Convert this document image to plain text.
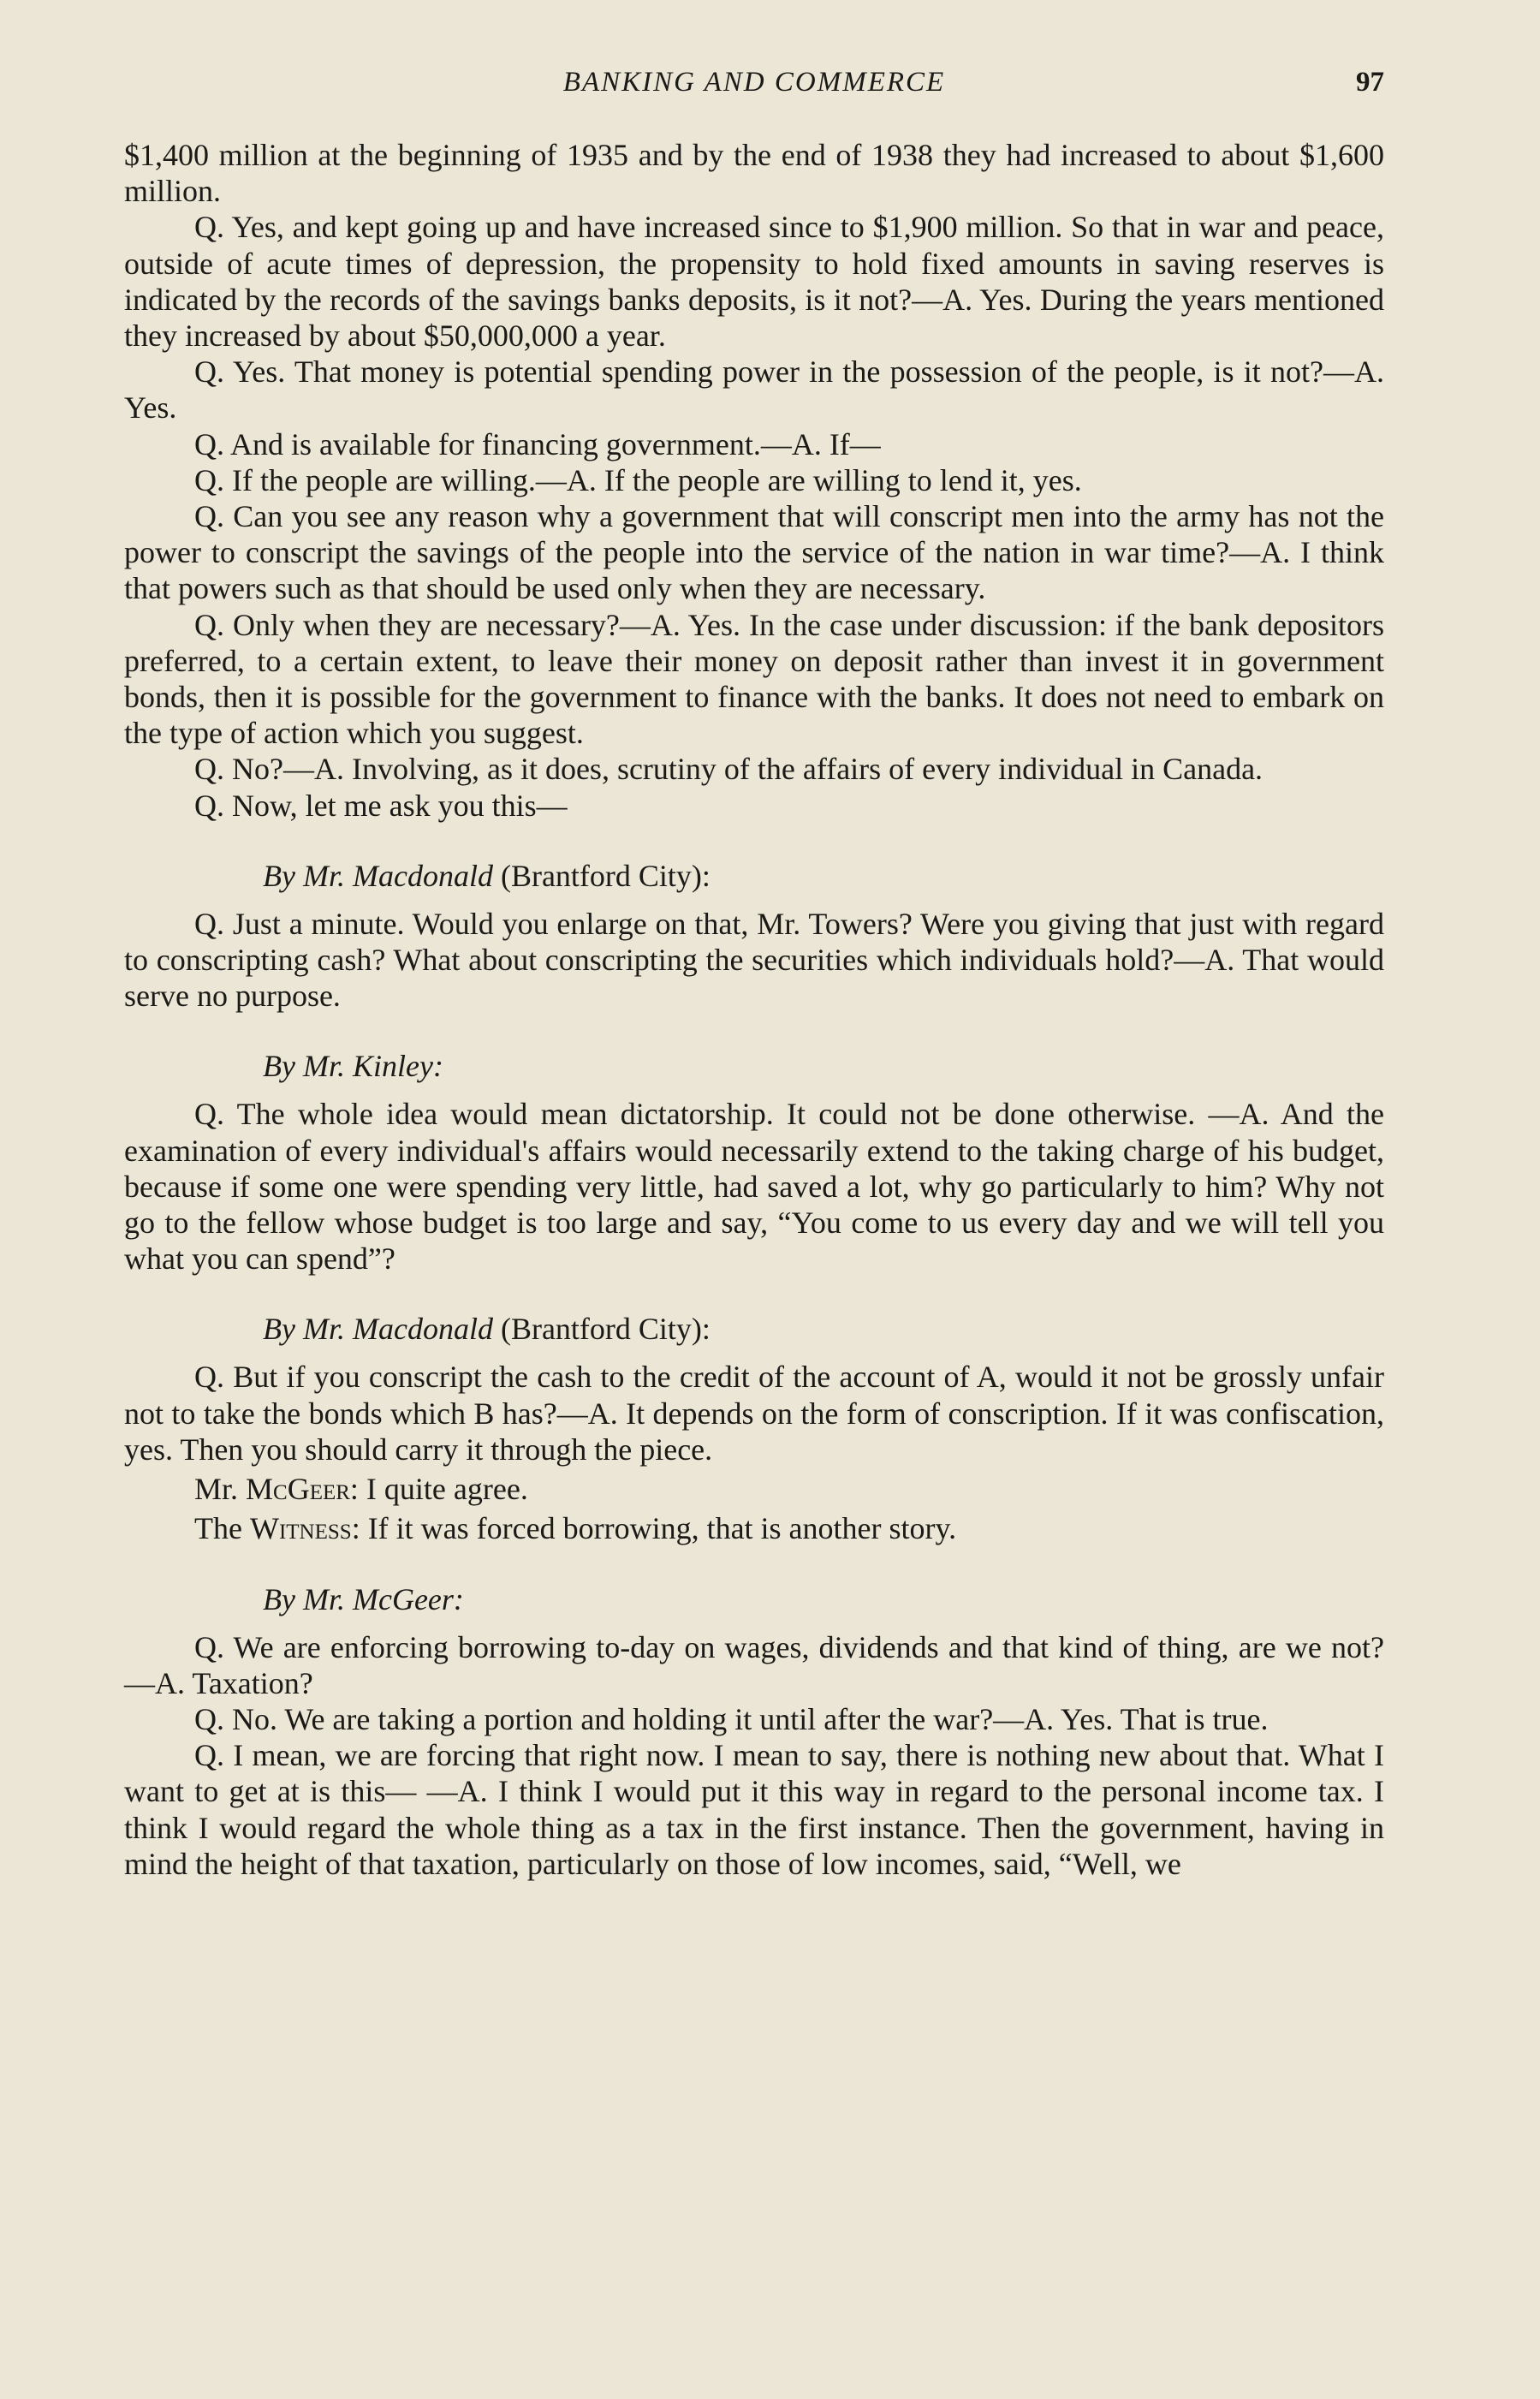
BANKING AND COMMERCE	97

$1,400 million at the beginning of 1935 and by the end of 1938 they had increased to about $1,600 million.

Q. Yes, and kept going up and have increased since to $1,900 million. So that in war and peace, outside of acute times of depression, the propensity to hold fixed amounts in saving reserves is indicated by the records of the savings banks deposits, is it not?—A. Yes. During the years mentioned they increased by about $50,000,000 a year.

Q. Yes. That money is potential spending power in the possession of the people, is it not?—A. Yes.

Q. And is available for financing government.—A. If—

Q. If the people are willing.—A. If the people are willing to lend it, yes.

Q. Can you see any reason why a government that will conscript men into the army has not the power to conscript the savings of the people into the service of the nation in war time?—A. I think that powers such as that should be used only when they are necessary.

Q. Only when they are necessary?—A. Yes. In the case under discussion: if the bank depositors preferred, to a certain extent, to leave their money on deposit rather than invest it in government bonds, then it is possible for the government to finance with the banks. It does not need to embark on the type of action which you suggest.

Q. No?—A. Involving, as it does, scrutiny of the affairs of every individual in Canada.

Q. Now, let me ask you this—

By Mr. Macdonald (Brantford City):

Q. Just a minute. Would you enlarge on that, Mr. Towers? Were you giving that just with regard to conscripting cash? What about conscripting the securities which individuals hold?—A. That would serve no purpose.

By Mr. Kinley:

Q. The whole idea would mean dictatorship. It could not be done otherwise. —A. And the examination of every individual's affairs would necessarily extend to the taking charge of his budget, because if some one were spending very little, had saved a lot, why go particularly to him? Why not go to the fellow whose budget is too large and say, “You come to us every day and we will tell you what you can spend”?

By Mr. Macdonald (Brantford City):

Q. But if you conscript the cash to the credit of the account of A, would it not be grossly unfair not to take the bonds which B has?—A. It depends on the form of conscription. If it was confiscation, yes. Then you should carry it through the piece.

Mr. McGeer: I quite agree.

The Witness: If it was forced borrowing, that is another story.

By Mr. McGeer:

Q. We are enforcing borrowing to-day on wages, dividends and that kind of thing, are we not?—A. Taxation?

Q. No. We are taking a portion and holding it until after the war?—A. Yes. That is true.

Q. I mean, we are forcing that right now. I mean to say, there is nothing new about that. What I want to get at is this— —A. I think I would put it this way in regard to the personal income tax. I think I would regard the whole thing as a tax in the first instance. Then the government, having in mind the height of that taxation, particularly on those of low incomes, said, “Well, we
